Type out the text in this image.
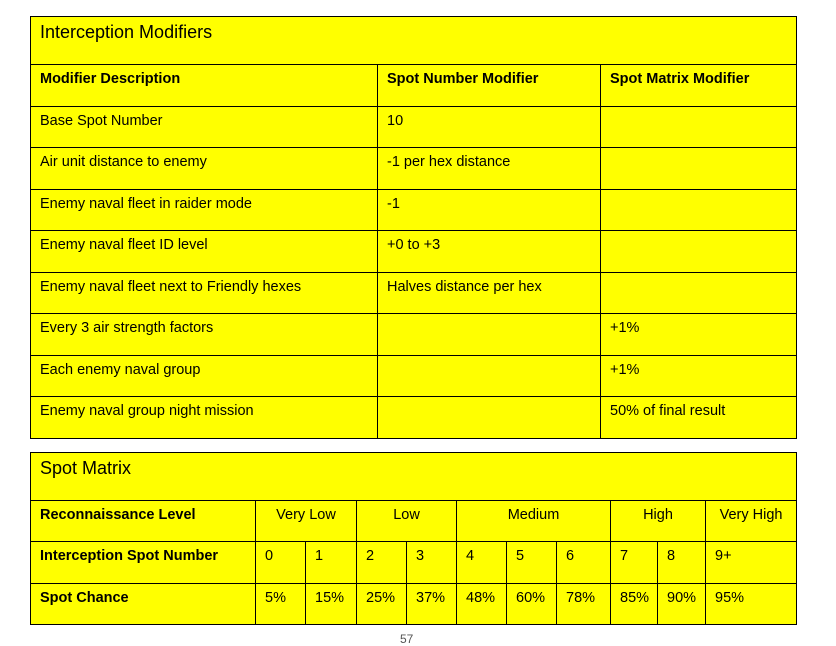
Interception Modifiers		
Modifier Description	Spot Number Modifier	Spot Matrix Modifier
Base Spot Number	10	
Air unit distance to enemy	-1 per hex distance	
Enemy naval fleet in raider mode	-1	
Enemy naval fleet ID level	+0 to +3	
Enemy naval fleet next to Friendly hexes	Halves distance per hex	
Every 3 air strength factors		+1%
Each enemy naval group		+1%
Enemy naval group night mission		50% of final result
Spot Matrix										
Reconnaissance Level	Very Low		Low		Medium			High		Very High
Interception Spot Number	0	1	2	3	4	5	6	7	8	9+
Spot Chance	5%	15%	25%	37%	48%	60%	78%	85%	90%	95%
57
